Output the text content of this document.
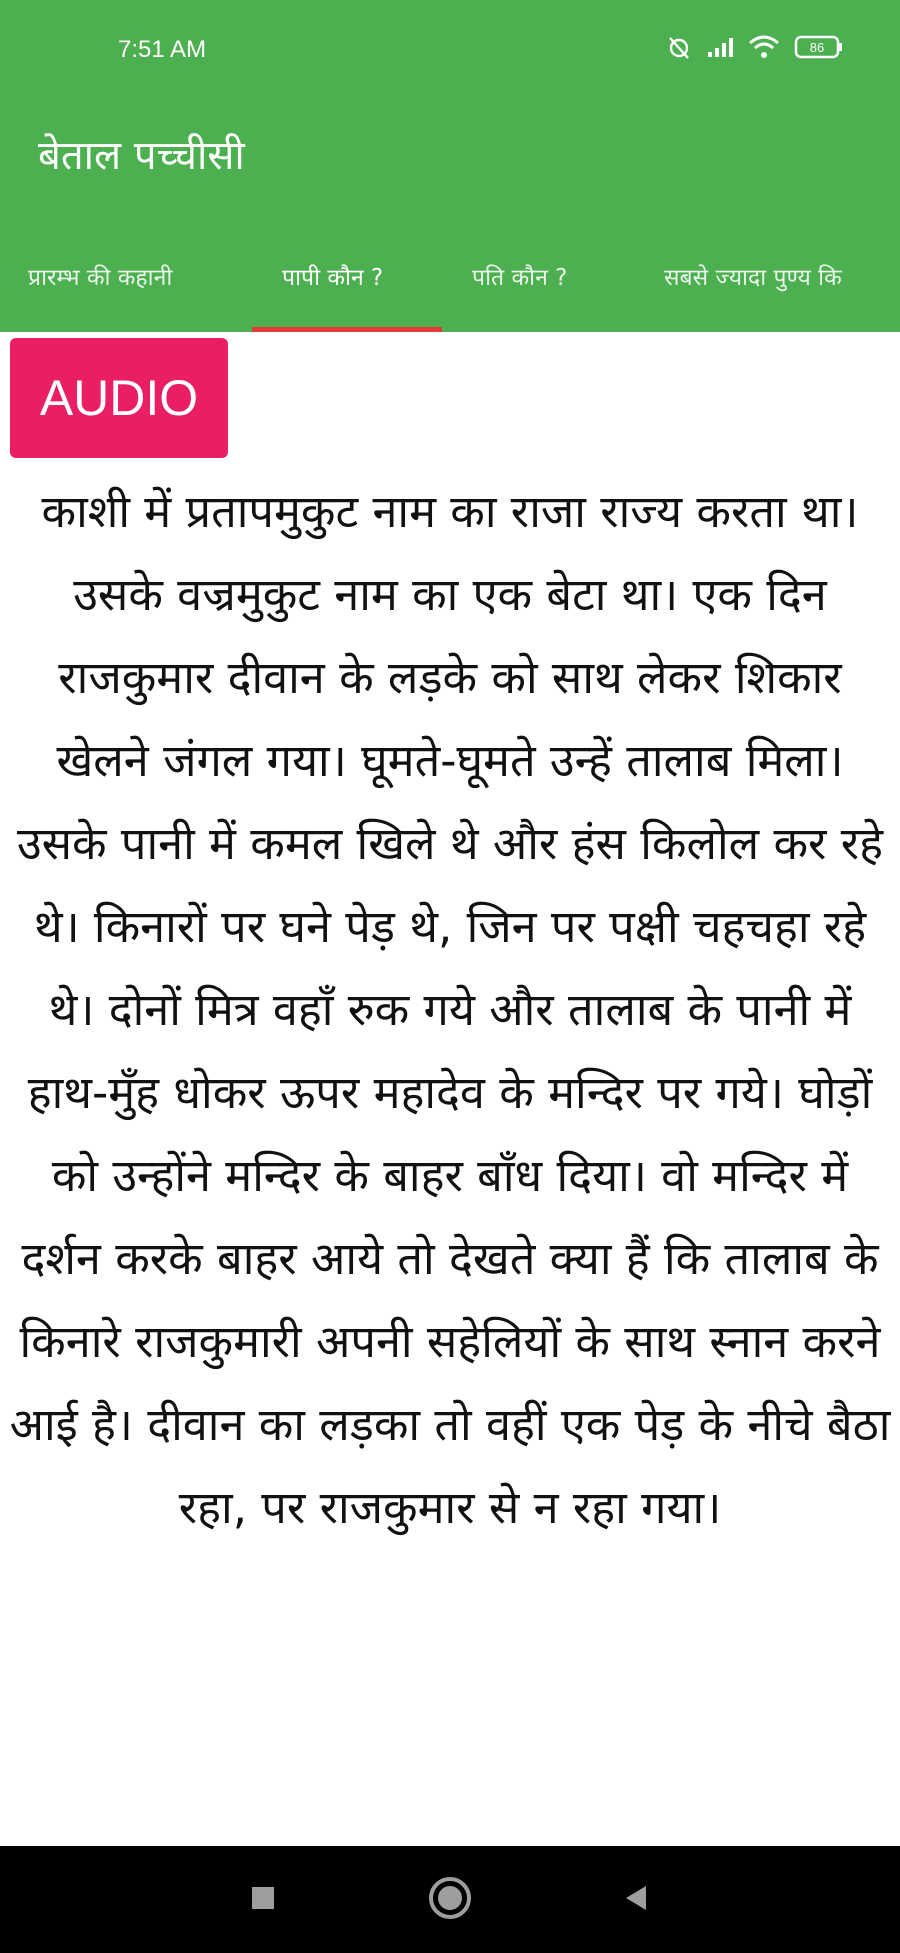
7:51 AM	86
बेताल पच्चीसी
प्रारम्भ की कहानी	पापी कौन ?	पति कौन ?	सबसे ज्यादा पुण्य कि
AUDIO

काशी में प्रतापमुकुट नाम का राजा राज्य करता था। उसके वज्रमुकुट नाम का एक बेटा था। एक दिन राजकुमार दीवान के लड़के को साथ लेकर शिकार खेलने जंगल गया। घूमते-घूमते उन्हें तालाब मिला। उसके पानी में कमल खिले थे और हंस किलोल कर रहे थे। किनारों पर घने पेड़ थे, जिन पर पक्षी चहचहा रहे थे। दोनों मित्र वहाँ रुक गये और तालाब के पानी में हाथ-मुँह धोकर ऊपर महादेव के मन्दिर पर गये। घोड़ों को उन्होंने मन्दिर के बाहर बाँध दिया। वो मन्दिर में दर्शन करके बाहर आये तो देखते क्या हैं कि तालाब के किनारे राजकुमारी अपनी सहेलियों के साथ स्नान करने आई है। दीवान का लड़का तो वहीं एक पेड़ के नीचे बैठा रहा, पर राजकुमार से न रहा गया।
